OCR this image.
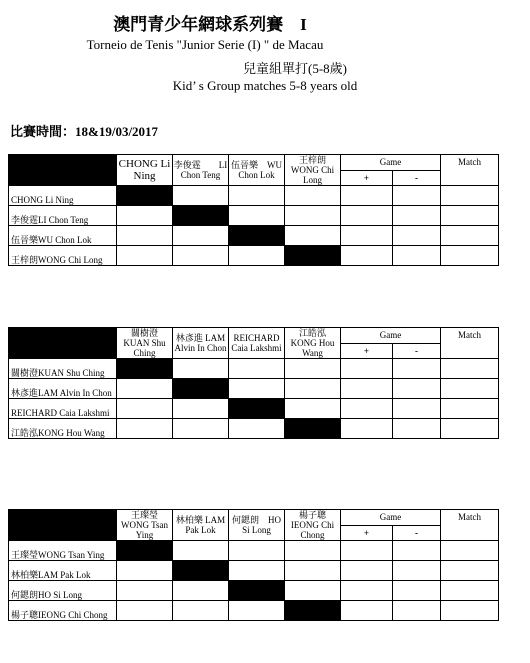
澳門青少年網球系列賽　I
Torneio de Tenis "Junior Serie (I) " de Macau
兒童組單打(5-8歲)
Kid’ s Group matches 5-8 years old
比賽時間：18&19/03/2017
	CHONG Li Ning	李俊霆　　LI Chon Teng	伍晉樂　WU Chon Lok	王梓朗 WONG Chi Long	Game		Match

					+	-	
CHONG Li Ning							
李俊霆LI Chon Teng							
伍晉樂WU Chon Lok							
王梓朗WONG Chi Long							
	關樹澄 KUAN Shu Ching	林彥進 LAM Alvin In Chon	REICHARD Caia Lakshmi	江皓泓 KONG Hou Wang	Game		Match

					+	-	
關樹澄KUAN Shu Ching							
林彥進LAM Alvin In Chon							
REICHARD Caia Lakshmi							
江皓泓KONG Hou Wang							
	王璨瑩 WONG Tsan Ying	林柏樂 LAM Pak Lok	何鍶朗　HO Si Long	楊子聰 IEONG Chi Chong	Game		Match

					+	-	
王璨瑩WONG Tsan Ying							
林柏樂LAM Pak Lok							
何鍶朗HO Si Long							
楊子聰IEONG Chi Chong							
